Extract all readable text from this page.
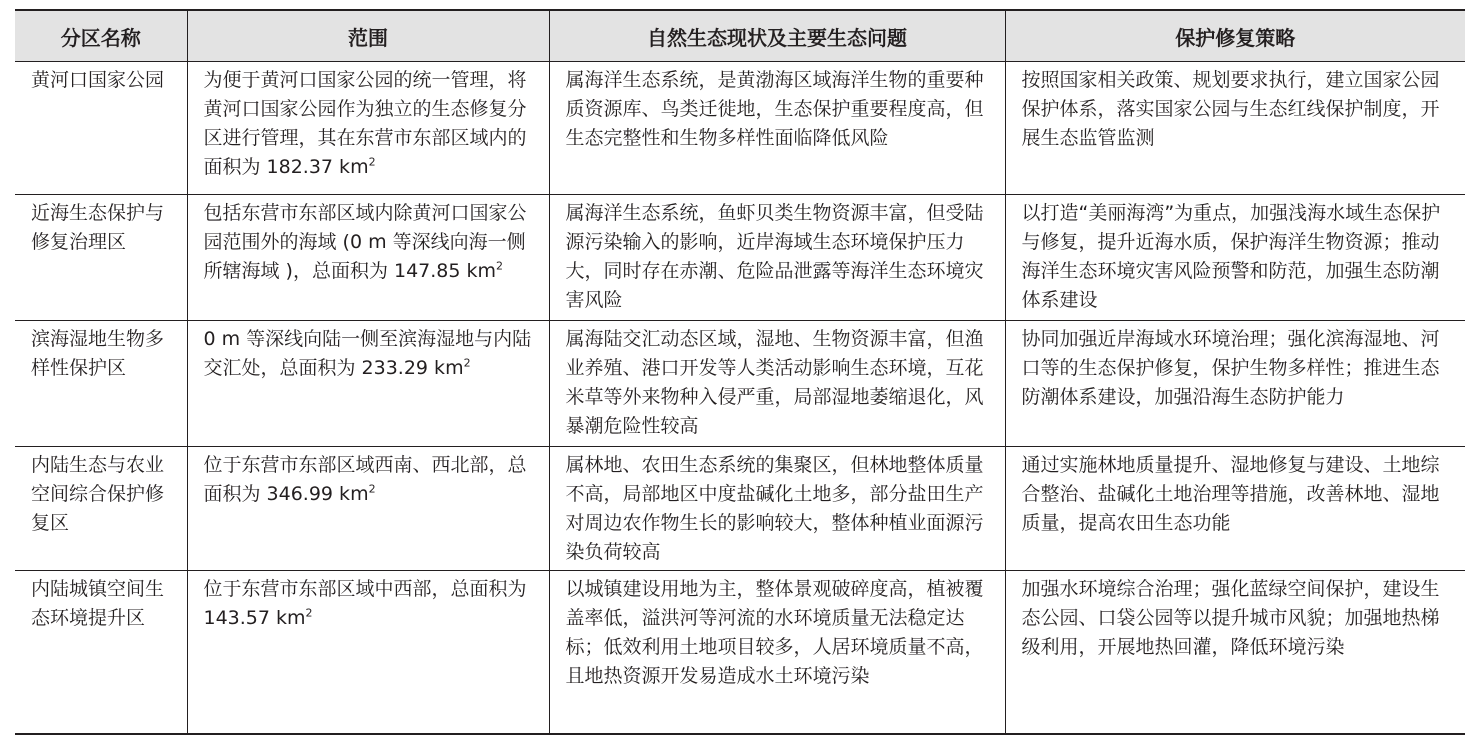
分区名称	范围	自然生态现状及主要生态问题	保护修复策略
黄河口国家公园	为便于黄河口国家公园的统一管理，将黄河口国家公园作为独立的生态修复分区进行管理，其在东营市东部区域内的面积为 182.37 $km^2$	属海洋生态系统，是黄渤海区域海洋生物的重要种质资源库、鸟类迁徙地，生态保护重要程度高，但生态完整性和生物多样性面临降低风险	按照国家相关政策、规划要求执行，建立国家公园保护体系，落实国家公园与生态红线保护制度，开展生态监管监测
近海生态保护与修复治理区	包括东营市东部区域内除黄河口国家公园范围外的海域 (0 m 等深线向海一侧所辖海域 )，总面积为 147.85 $km^2$	属海洋生态系统，鱼虾贝类生物资源丰富，但受陆源污染输入的影响，近岸海域生态环境保护压力大，同时存在赤潮、危险品泄露等海洋生态环境灾害风险	以打造“美丽海湾”为重点，加强浅海水域生态保护与修复，提升近海水质，保护海洋生物资源；推动海洋生态环境灾害风险预警和防范，加强生态防潮体系建设
滨海湿地生物多样性保护区	0 m 等深线向陆一侧至滨海湿地与内陆交汇处，总面积为 233.29 $km^2$	属海陆交汇动态区域，湿地、生物资源丰富，但渔业养殖、港口开发等人类活动影响生态环境，互花米草等外来物种入侵严重，局部湿地萎缩退化，风暴潮危险性较高	协同加强近岸海域水环境治理；强化滨海湿地、河口等的生态保护修复，保护生物多样性；推进生态防潮体系建设，加强沿海生态防护能力
内陆生态与农业空间综合保护修复区	位于东营市东部区域西南、西北部，总面积为 346.99 $km^2$	属林地、农田生态系统的集聚区，但林地整体质量不高，局部地区中度盐碱化土地多，部分盐田生产对周边农作物生长的影响较大，整体种植业面源污染负荷较高	通过实施林地质量提升、湿地修复与建设、土地综合整治、盐碱化土地治理等措施，改善林地、湿地质量，提高农田生态功能
内陆城镇空间生态环境提升区	位于东营市东部区域中西部，总面积为 143.57 $km^2$	以城镇建设用地为主，整体景观破碎度高，植被覆盖率低，溢洪河等河流的水环境质量无法稳定达标；低效利用土地项目较多，人居环境质量不高，且地热资源开发易造成水土环境污染	加强水环境综合治理；强化蓝绿空间保护，建设生态公园、口袋公园等以提升城市风貌；加强地热梯级利用，开展地热回灌，降低环境污染
